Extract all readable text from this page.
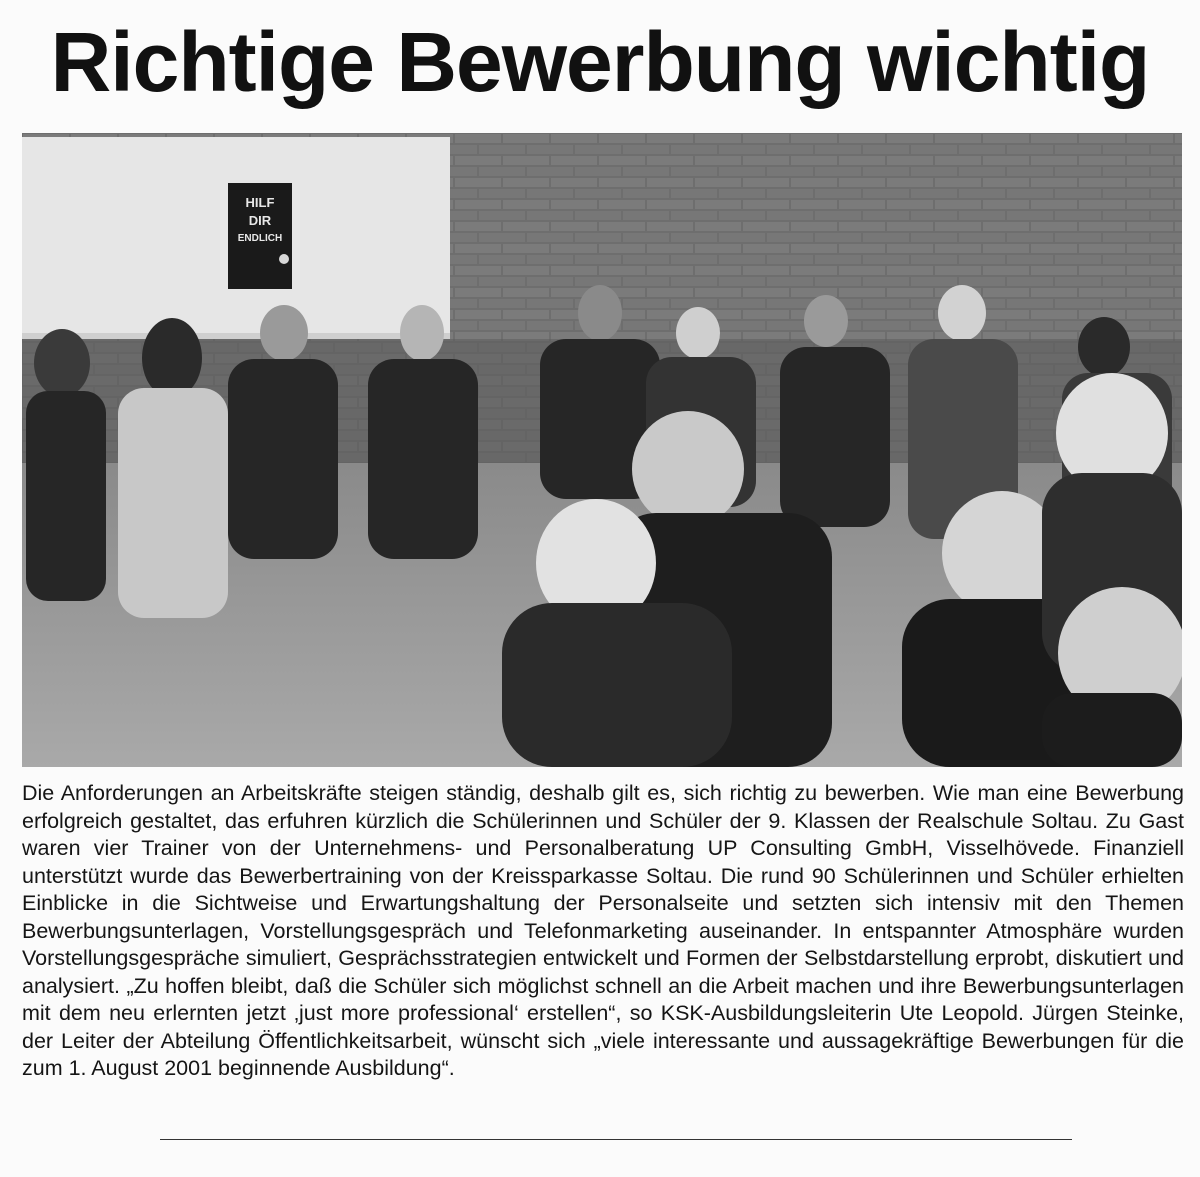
Richtige Bewerbung wichtig
HILF
DIR
ENDLICH

Die Anforderungen an Arbeitskräfte steigen ständig, deshalb gilt es, sich richtig zu bewerben. Wie man eine Bewerbung erfolgreich gestaltet, das erfuhren kürzlich die Schülerinnen und Schüler der 9. Klassen der Realschule Soltau. Zu Gast waren vier Trainer von der Unternehmens- und Personalberatung UP Consulting GmbH, Visselhövede. Finanziell unterstützt wurde das Bewerbertraining von der Kreissparkasse Soltau. Die rund 90 Schülerinnen und Schüler erhielten Einblicke in die Sichtweise und Erwartungshaltung der Personalseite und setzten sich intensiv mit den Themen Bewerbungsunterlagen, Vorstellungsgespräch und Telefonmarketing auseinander. In entspannter Atmosphäre wurden Vorstellungsgespräche simuliert, Gesprächsstrategien entwickelt und Formen der Selbstdarstellung erprobt, diskutiert und analysiert. „Zu hoffen bleibt, daß die Schüler sich möglichst schnell an die Arbeit machen und ihre Bewerbungsunterlagen mit dem neu erlernten jetzt ‚just more professional‘ erstellen“, so KSK-Ausbildungsleiterin Ute Leopold. Jürgen Steinke, der Leiter der Abteilung Öffentlichkeitsarbeit, wünscht sich „viele interessante und aussagekräftige Bewerbungen für die zum 1. August 2001 beginnende Ausbildung“.
